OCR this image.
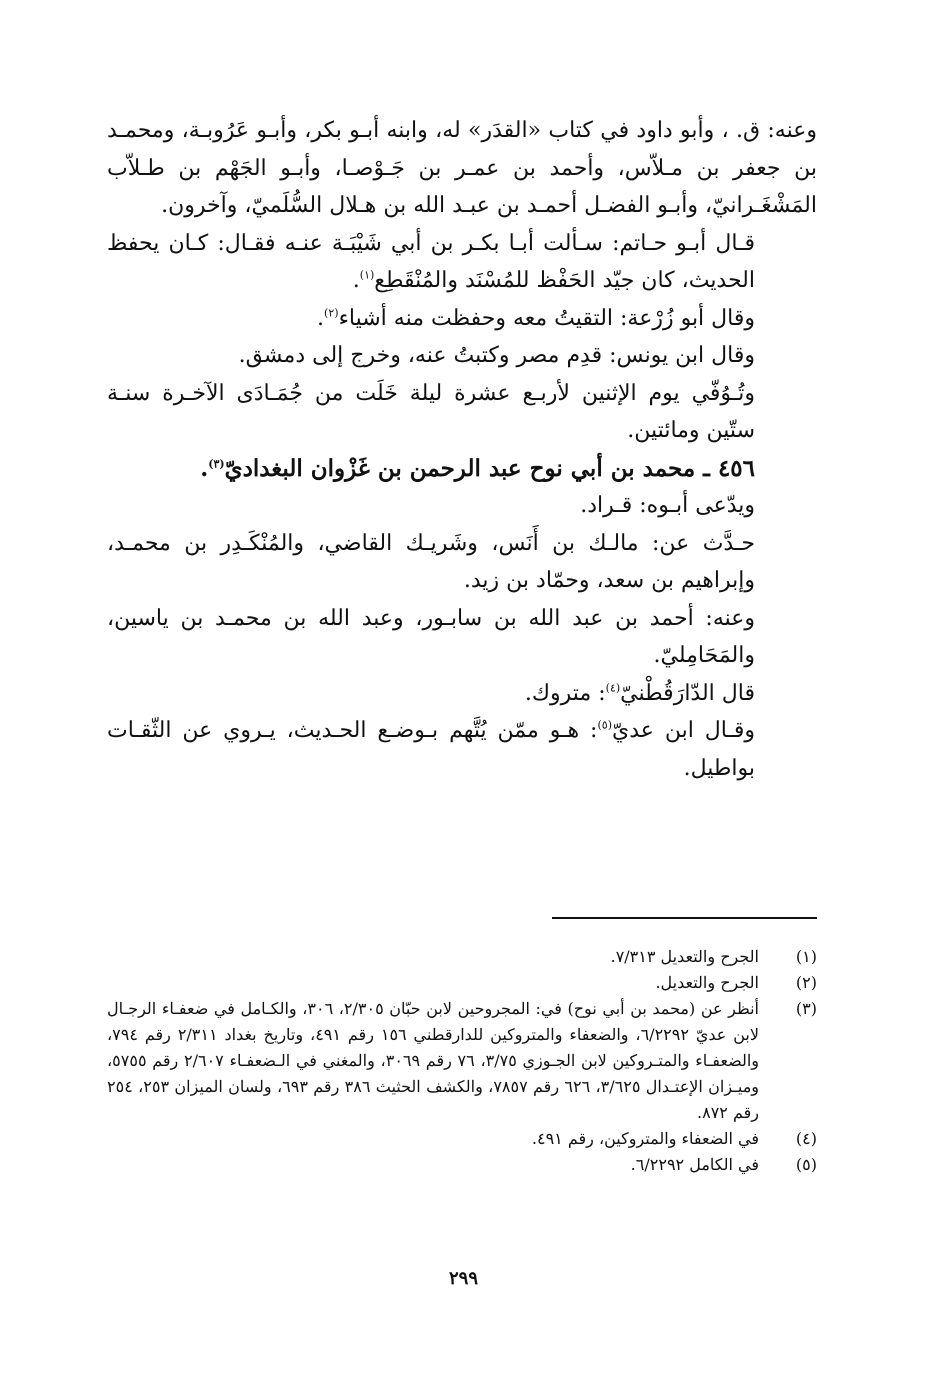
وعنه: ق. ، وأبو داود في كتاب «القدَر» له، وابنه أبـو بكر، وأبـو عَرُوبـة، ومحمـد بن جعفر بن مـلاّس، وأحمد بن عمـر بن جَـوْصـا، وأبـو الجَهْم بن طـلاّب المَشْغَـرانيّ، وأبـو الفضـل أحمـد بن عبـد الله بن هـلال السُّلَميّ، وآخرون.

قـال أبـو حـاتم: سـألت أبـا بكـر بن أبي شَيْبَـة عنـه فقـال: كـان يحفظ الحديث، كان جيّد الحَفْظ للمُسْنَد والمُنْقَطِع$^{(١)}$.

وقال أبو زُرْعة: التقيتُ معه وحفظت منه أشياء$^{(٢)}$.

وقال ابن يونس: قدِم مصر وكتبتُ عنه، وخرج إلى دمشق.

وتُـوُفّي يوم الإثنين لأربـع عشرة ليلة خَلَت من جُمَـادَى الآخـرة سنـة ستّين ومائتين.

٤٥٦ ـ محمد بن أبي نوح عبد الرحمن بن غَزْوان البغداديّ$^{(٣)}$.

ويدّعى أبـوه: قـراد.

حـدَّث عن: مالـك بن أَنَس، وشَريـك القاضي، والمُنْكَـدِر بن محمـد، وإبراهيم بن سعد، وحمّاد بن زيد.

وعنه: أحمد بن عبد الله بن سابـور، وعبد الله بن محمـد بن ياسين، والمَحَامِليّ.

قال الدّارَقُطْنيّ$^{(٤)}$: متروك.

وقـال ابن عديّ$^{(٥)}$: هـو ممّن يُتَّهم بـوضـع الحـديث، يـروي عن الثّقـات بواطيل.

(١)
الجرح والتعديل ٧/٣١٣.
(٢)
الجرح والتعديل.
(٣)
أنظر عن (محمد بن أبي نوح) في: المجروحين لابن حبّان ٢/٣٠٥، ٣٠٦، والكـامل في ضعفـاء الرجـال لابن عديّ ٦/٢٢٩٢، والضعفاء والمتروكين للدارقطني ١٥٦ رقم ٤٩١، وتاريخ بغداد ٢/٣١١ رقم ٧٩٤، والضعفـاء والمتـروكين لابن الجـوزي ٣/٧٥، ٧٦ رقم ٣٠٦٩، والمغني في الـضعفـاء ٢/٦٠٧ رقم ٥٧٥٥، وميـزان الإعتـدال ٣/٦٢٥، ٦٢٦ رقم ٧٨٥٧، والكشف الحثيث ٣٨٦ رقم ٦٩٣، ولسان الميزان ٢٥٣، ٢٥٤ رقم ٨٧٢.
(٤)
في الضعفاء والمتروكين، رقم ٤٩١.
(٥)
في الكامل ٦/٢٢٩٢.
٢٩٩
